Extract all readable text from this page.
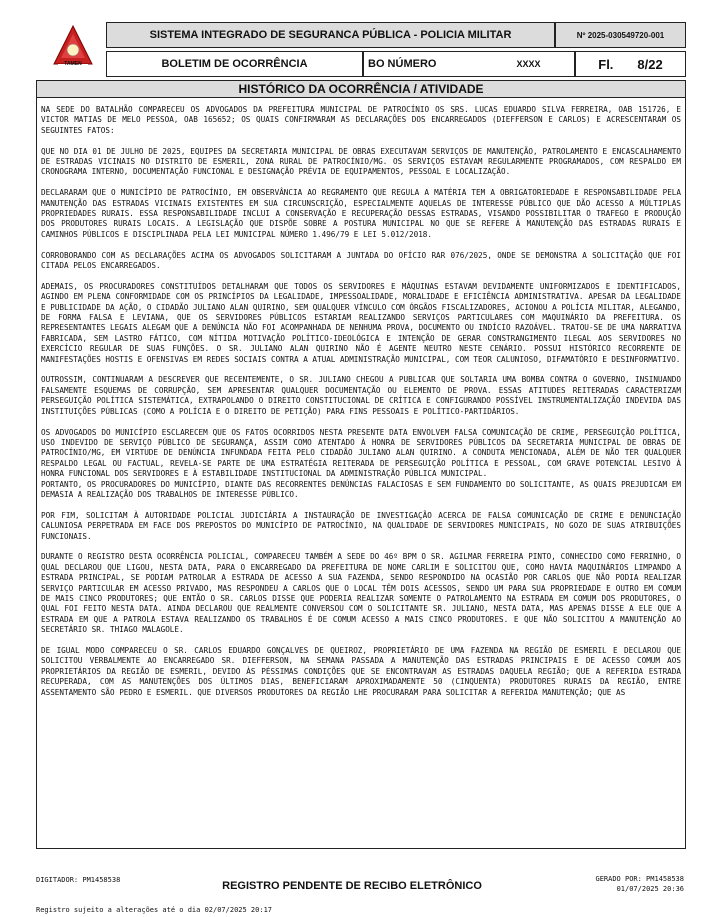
TAMEN
SISTEMA INTEGRADO DE SEGURANCA PÚBLICA - POLICIA MILITAR	Nº 2025-030549720-001
BOLETIM DE OCORRÊNCIA	BO NÚMERO	XXXX	Fl. 8/22
HISTÓRICO DA OCORRÊNCIA / ATIVIDADE

NA SEDE DO BATALHÃO COMPARECEU OS ADVOGADOS DA PREFEITURA MUNICIPAL DE PATROCÍNIO OS SRS. LUCAS EDUARDO SILVA FERREIRA, OAB 151726, E VICTOR MATIAS DE MELO PESSOA, OAB 165652; OS QUAIS CONFIRMARAM AS DECLARAÇÕES DOS ENCARREGADOS (DIEFFERSON E CARLOS) E ACRESCENTARAM OS SEGUINTES FATOS:

QUE NO DIA 01 DE JULHO DE 2025, EQUIPES DA SECRETARIA MUNICIPAL DE OBRAS EXECUTAVAM SERVIÇOS DE MANUTENÇÃO, PATROLAMENTO E ENCASCALHAMENTO DE ESTRADAS VICINAIS NO DISTRITO DE ESMERIL, ZONA RURAL DE PATROCÍNIO/MG. OS SERVIÇOS ESTAVAM REGULARMENTE PROGRAMADOS, COM RESPALDO EM CRONOGRAMA INTERNO, DOCUMENTAÇÃO FUNCIONAL E DESIGNAÇÃO PRÉVIA DE EQUIPAMENTOS, PESSOAL E LOCALIZAÇÃO.

DECLARARAM QUE O MUNICÍPIO DE PATROCÍNIO, EM OBSERVÂNCIA AO REGRAMENTO QUE REGULA A MATÉRIA TEM A OBRIGATORIEDADE E RESPONSABILIDADE PELA MANUTENÇÃO DAS ESTRADAS VICINAIS EXISTENTES EM SUA CIRCUNSCRIÇÃO, ESPECIALMENTE AQUELAS DE INTERESSE PÚBLICO QUE DÃO ACESSO A MÚLTIPLAS PROPRIEDADES RURAIS. ESSA RESPONSABILIDADE INCLUI A CONSERVAÇÃO E RECUPERAÇÃO DESSAS ESTRADAS, VISANDO POSSIBILITAR O TRAFEGO E PRODUÇÃO DOS PRODUTORES RURAIS LOCAIS. A LEGISLAÇÃO QUE DISPÕE SOBRE A POSTURA MUNICIPAL NO QUE SE REFERE À MANUTENÇÃO DAS ESTRADAS RURAIS E CAMINHOS PÚBLICOS E DISCIPLINADA PELA LEI MUNICIPAL NÚMERO 1.496/79 E LEI 5.012/2018.

CORROBORANDO COM AS DECLARAÇÕES ACIMA OS ADVOGADOS SOLICITARAM A JUNTADA DO OFÍCIO RAR 076/2025, ONDE SE DEMONSTRA A SOLICITAÇÃO QUE FOI CITADA PELOS ENCARREGADOS.

ADEMAIS, OS PROCURADORES CONSTITUÍDOS DETALHARAM QUE TODOS OS SERVIDORES E MÁQUINAS ESTAVAM DEVIDAMENTE UNIFORMIZADOS E IDENTIFICADOS, AGINDO EM PLENA CONFORMIDADE COM OS PRINCÍPIOS DA LEGALIDADE, IMPESSOALIDADE, MORALIDADE E EFICIÊNCIA ADMINISTRATIVA. APESAR DA LEGALIDADE E PUBLICIDADE DA AÇÃO, O CIDADÃO JULIANO ALAN QUIRINO, SEM QUALQUER VÍNCULO COM ÓRGÃOS FISCALIZADORES, ACIONOU A POLÍCIA MILITAR, ALEGANDO, DE FORMA FALSA E LEVIANA, QUE OS SERVIDORES PÚBLICOS ESTARIAM REALIZANDO SERVIÇOS PARTICULARES COM MAQUINÁRIO DA PREFEITURA. OS REPRESENTANTES LEGAIS ALEGAM QUE A DENÚNCIA NÃO FOI ACOMPANHADA DE NENHUMA PROVA, DOCUMENTO OU INDÍCIO RAZOÁVEL. TRATOU-SE DE UMA NARRATIVA FABRICADA, SEM LASTRO FÁTICO, COM NÍTIDA MOTIVAÇÃO POLÍTICO-IDEOLÓGICA E INTENÇÃO DE GERAR CONSTRANGIMENTO ILEGAL AOS SERVIDORES NO EXERCÍCIO REGULAR DE SUAS FUNÇÕES. O SR. JULIANO ALAN QUIRINO NÃO É AGENTE NEUTRO NESTE CENÁRIO. POSSUI HISTÓRICO RECORRENTE DE MANIFESTAÇÕES HOSTIS E OFENSIVAS EM REDES SOCIAIS CONTRA A ATUAL ADMINISTRAÇÃO MUNICIPAL, COM TEOR CALUNIOSO, DIFAMATÓRIO E DESINFORMATIVO.

OUTROSSIM, CONTINUARAM A DESCREVER QUE RECENTEMENTE, O SR. JULIANO CHEGOU A PUBLICAR QUE SOLTARIA UMA BOMBA CONTRA O GOVERNO, INSINUANDO FALSAMENTE ESQUEMAS DE CORRUPÇÃO, SEM APRESENTAR QUALQUER DOCUMENTAÇÃO OU ELEMENTO DE PROVA. ESSAS ATITUDES REITERADAS CARACTERIZAM PERSEGUIÇÃO POLÍTICA SISTEMÁTICA, EXTRAPOLANDO O DIREITO CONSTITUCIONAL DE CRÍTICA E CONFIGURANDO POSSÍVEL INSTRUMENTALIZAÇÃO INDEVIDA DAS INSTITUIÇÕES PÚBLICAS (COMO A POLÍCIA E O DIREITO DE PETIÇÃO) PARA FINS PESSOAIS E POLÍTICO-PARTIDÁRIOS.

OS ADVOGADOS DO MUNICÍPIO ESCLARECEM QUE OS FATOS OCORRIDOS NESTA PRESENTE DATA ENVOLVEM FALSA COMUNICAÇÃO DE CRIME, PERSEGUIÇÃO POLÍTICA, USO INDEVIDO DE SERVIÇO PÚBLICO DE SEGURANÇA, ASSIM COMO ATENTADO À HONRA DE SERVIDORES PÚBLICOS DA SECRETARIA MUNICIPAL DE OBRAS DE PATROCÍNIO/MG, EM VIRTUDE DE DENÚNCIA INFUNDADA FEITA PELO CIDADÃO JULIANO ALAN QUIRINO. A CONDUTA MENCIONADA, ALÉM DE NÃO TER QUALQUER RESPALDO LEGAL OU FACTUAL, REVELA-SE PARTE DE UMA ESTRATÉGIA REITERADA DE PERSEGUIÇÃO POLÍTICA E PESSOAL, COM GRAVE POTENCIAL LESIVO À HONRA FUNCIONAL DOS SERVIDORES E À ESTABILIDADE INSTITUCIONAL DA ADMINISTRAÇÃO PÚBLICA MUNICIPAL.
PORTANTO, OS PROCURADORES DO MUNICÍPIO, DIANTE DAS RECORRENTES DENÚNCIAS FALACIOSAS E SEM FUNDAMENTO DO SOLICITANTE, AS QUAIS PREJUDICAM EM DEMASIA A REALIZAÇÃO DOS TRABALHOS DE INTERESSE PÚBLICO.

POR FIM, SOLICITAM À AUTORIDADE POLICIAL JUDICIÁRIA A INSTAURAÇÃO DE INVESTIGAÇÃO ACERCA DE FALSA COMUNICAÇÃO DE CRIME E DENUNCIAÇÃO CALUNIOSA PERPETRADA EM FACE DOS PREPOSTOS DO MUNICÍPIO DE PATROCÍNIO, NA QUALIDADE DE SERVIDORES MUNICIPAIS, NO GOZO DE SUAS ATRIBUIÇÕES FUNCIONAIS.

DURANTE O REGISTRO DESTA OCORRÊNCIA POLICIAL, COMPARECEU TAMBÉM A SEDE DO 46º BPM O SR. AGILMAR FERREIRA PINTO, CONHECIDO COMO FERRINHO, O QUAL DECLAROU QUE LIGOU, NESTA DATA, PARA O ENCARREGADO DA PREFEITURA DE NOME CARLIM E SOLICITOU QUE, COMO HAVIA MAQUINÁRIOS LIMPANDO A ESTRADA PRINCIPAL, SE PODIAM PATROLAR A ESTRADA DE ACESSO A SUA FAZENDA, SENDO RESPONDIDO NA OCASIÃO POR CARLOS QUE NÃO PODIA REALIZAR SERVIÇO PARTICULAR EM ACESSO PRIVADO, MAS RESPONDEU A CARLOS QUE O LOCAL TÊM DOIS ACESSOS, SENDO UM PARA SUA PROPRIEDADE E OUTRO EM COMUM DE MAIS CINCO PRODUTORES; QUE ENTÃO O SR. CARLOS DISSE QUE PODERIA REALIZAR SOMENTE O PATROLAMENTO NA ESTRADA EM COMUM DOS PRODUTORES, O QUAL FOI FEITO NESTA DATA. AINDA DECLAROU QUE REALMENTE CONVERSOU COM O SOLICITANTE SR. JULIANO, NESTA DATA, MAS APENAS DISSE A ELE QUE A ESTRADA EM QUE A PATROLA ESTAVA REALIZANDO OS TRABALHOS É DE COMUM ACESSO A MAIS CINCO PRODUTORES. E QUE NÃO SOLICITOU A MANUTENÇÃO AO SECRETÁRIO SR. THIAGO MALAGOLE.

DE IGUAL MODO COMPARECEU O SR. CARLOS EDUARDO GONÇALVES DE QUEIROZ, PROPRIETÁRIO DE UMA FAZENDA NA REGIÃO DE ESMERIL E DECLAROU QUE SOLICITOU VERBALMENTE AO ENCARREGADO SR. DIEFFERSON, NA SEMANA PASSADA A MANUTENÇÃO DAS ESTRADAS PRINCIPAIS E DE ACESSO COMUM AOS PROPRIETÁRIOS DA REGIÃO DE ESMERIL, DEVIDO ÀS PÉSSIMAS CONDIÇÕES QUE SE ENCONTRAVAM AS ESTRADAS DAQUELA REGIÃO; QUE A REFERIDA ESTRADA RECUPERADA, COM AS MANUTENÇÕES DOS ÚLTIMOS DIAS, BENEFICIARAM APROXIMADAMENTE 50 (CINQUENTA) PRODUTORES RURAIS DA REGIÃO, ENTRE ASSENTAMENTO SÃO PEDRO E ESMERIL. QUE DIVERSOS PRODUTORES DA REGIÃO LHE PROCURARAM PARA SOLICITAR A REFERIDA MANUTENÇÃO; QUE AS

DIGITADOR: PM1458538	REGISTRO PENDENTE DE RECIBO ELETRÔNICO
GERADO POR: PM1458538
01/07/2025 20:36
Registro sujeito a alterações até o dia 02/07/2025 20:17
